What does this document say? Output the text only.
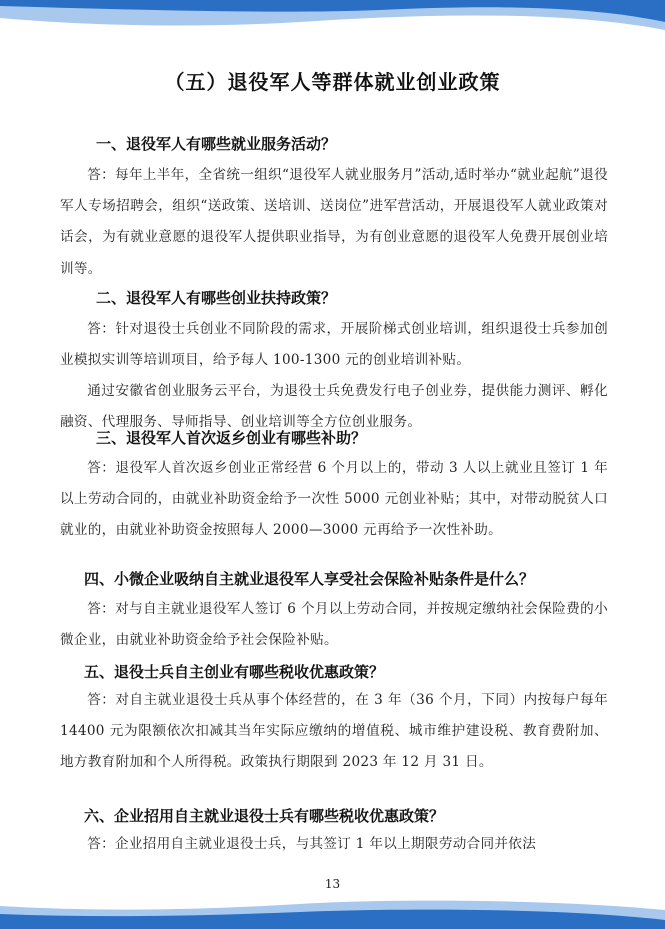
（五）退役军人等群体就业创业政策
一、退役军人有哪些就业服务活动？
答：每年上半年，全省统一组织“退役军人就业服务月”活动,适时举办“就业起航”退役军人专场招聘会，组织“送政策、送培训、送岗位”进军营活动，开展退役军人就业政策对话会，为有就业意愿的退役军人提供职业指导，为有创业意愿的退役军人免费开展创业培训等。
二、退役军人有哪些创业扶持政策？
答：针对退役士兵创业不同阶段的需求，开展阶梯式创业培训，组织退役士兵参加创业模拟实训等培训项目，给予每人 100-1300 元的创业培训补贴。
通过安徽省创业服务云平台，为退役士兵免费发行电子创业券，提供能力测评、孵化融资、代理服务、导师指导、创业培训等全方位创业服务。
三、退役军人首次返乡创业有哪些补助？
答：退役军人首次返乡创业正常经营 6 个月以上的，带动 3 人以上就业且签订 1 年以上劳动合同的，由就业补助资金给予一次性 5000 元创业补贴；其中，对带动脱贫人口就业的，由就业补助资金按照每人 2000—3000 元再给予一次性补助。
四、小微企业吸纳自主就业退役军人享受社会保险补贴条件是什么？
答：对与自主就业退役军人签订 6 个月以上劳动合同，并按规定缴纳社会保险费的小微企业，由就业补助资金给予社会保险补贴。
五、退役士兵自主创业有哪些税收优惠政策？
答：对自主就业退役士兵从事个体经营的，在 3 年（36 个月，下同）内按每户每年 14400 元为限额依次扣减其当年实际应缴纳的增值税、城市维护建设税、教育费附加、地方教育附加和个人所得税。政策执行期限到 2023 年 12 月 31 日。
六、企业招用自主就业退役士兵有哪些税收优惠政策？
答：企业招用自主就业退役士兵，与其签订 1 年以上期限劳动合同并依法
13
